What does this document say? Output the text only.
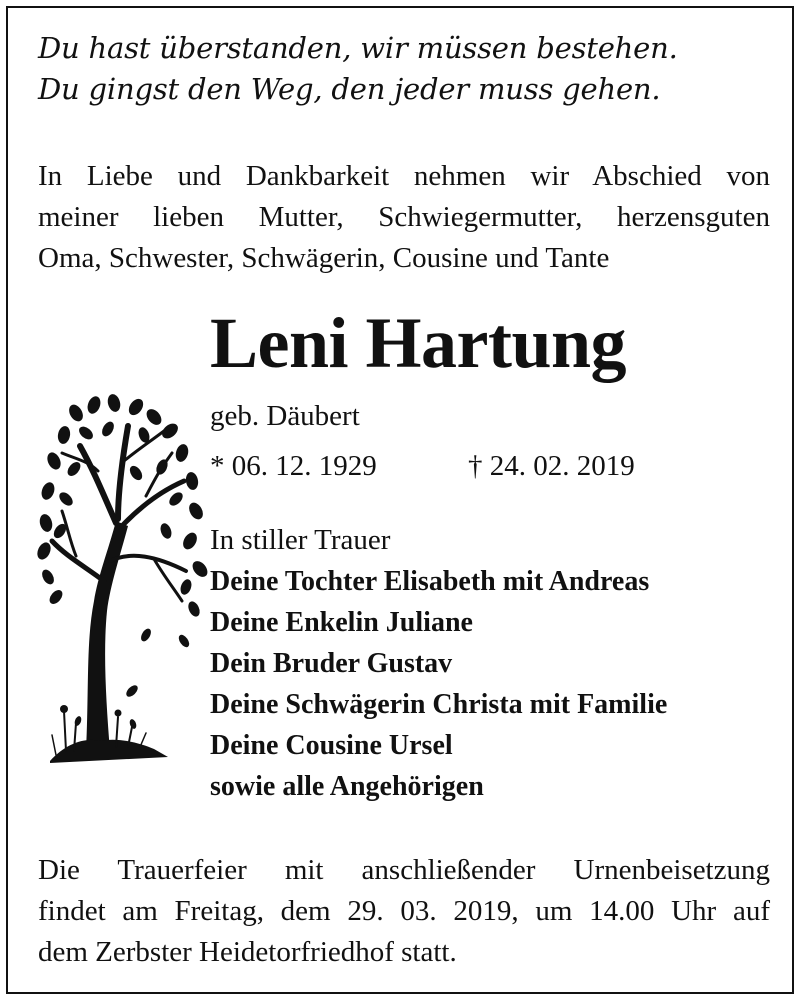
Du hast überstanden, wir müssen bestehen.
Du gingst den Weg, den jeder muss gehen.
In Liebe und Dankbarkeit nehmen wir Abschied von
meiner lieben Mutter, Schwiegermutter, herzensguten
Oma, Schwester, Schwägerin, Cousine und Tante
Leni Hartung
geb. Däubert
* 06. 12. 1929	† 24. 02. 2019
In stiller Trauer
Deine Tochter Elisabeth mit Andreas
Deine Enkelin Juliane
Dein Bruder Gustav
Deine Schwägerin Christa mit Familie
Deine Cousine Ursel
sowie alle Angehörigen
Die Trauerfeier mit anschließender Urnenbeisetzung
findet am Freitag, dem 29. 03. 2019, um 14.00 Uhr auf
dem Zerbster Heidetorfriedhof statt.
